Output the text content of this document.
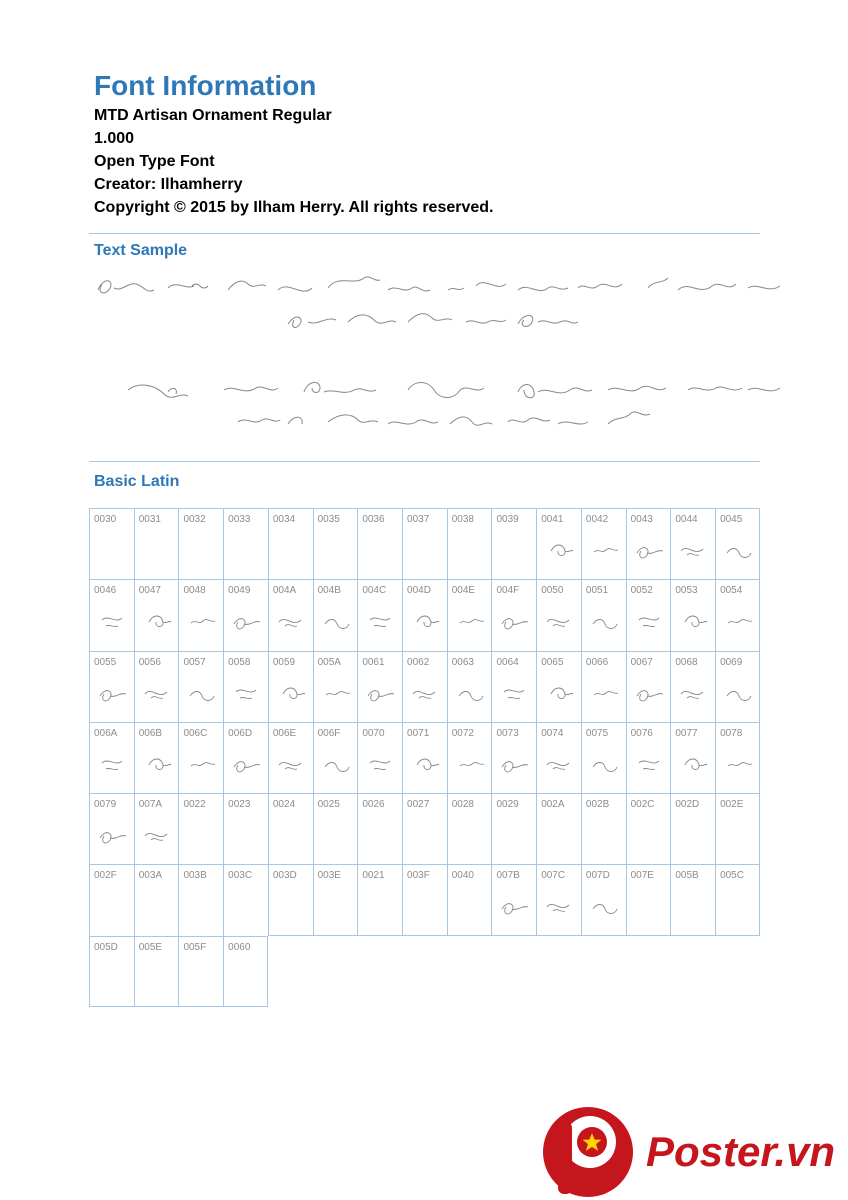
Font Information
MTD Artisan Ornament Regular
1.000
Open Type Font
Creator: Ilhamherry
Copyright © 2015 by Ilham Herry. All rights reserved.
Text Sample
Basic Latin
0030 0031 0032 0033 0034 0035 0036 0037 0038 0039 0041 0042 0043 0044 0045
0046 0047 0048 0049 004A 004B 004C 004D 004E 004F 0050 0051 0052 0053 0054
0055 0056 0057 0058 0059 005A 0061 0062 0063 0064 0065 0066 0067 0068 0069
006A 006B 006C 006D 006E 006F 0070 0071 0072 0073 0074 0075 0076 0077 0078
0079 007A 0022 0023 0024 0025 0026 0027 0028 0029 002A 002B 002C 002D 002E
002F 003A 003B 003C 003D 003E 0021 003F 0040 007B 007C 007D 007E 005B 005C
005D 005E 005F 0060
Poster.vn
